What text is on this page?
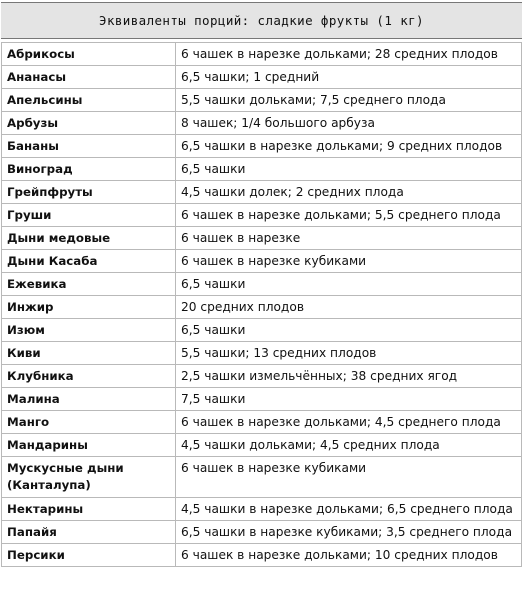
Эквиваленты порций: сладкие фрукты (1 кг)
Абрикосы	6 чашек в нарезке дольками; 28 средних плодов
Ананасы	6,5 чашки; 1 средний
Апельсины	5,5 чашки дольками; 7,5 среднего плода
Арбузы	8 чашек; 1/4 большого арбуза
Бананы	6,5 чашки в нарезке дольками; 9 средних плодов
Виноград	6,5 чашки
Грейпфруты	4,5 чашки долек; 2 средних плода
Груши	6 чашек в нарезке дольками; 5,5 среднего плода
Дыни медовые	6 чашек в нарезке
Дыни Касаба	6 чашек в нарезке кубиками
Ежевика	6,5 чашки
Инжир	20 средних плодов
Изюм	6,5 чашки
Киви	5,5 чашки; 13 средних плодов
Клубника	2,5 чашки измельчённых; 38 средних ягод
Малина	7,5 чашки
Манго	6 чашек в нарезке дольками; 4,5 среднего плода
Мандарины	4,5 чашки дольками; 4,5 средних плода

Мускусные дыни
(Канталупа)	6 чашек в нарезке кубиками
Нектарины	4,5 чашки в нарезке дольками; 6,5 среднего плода
Папайя	6,5 чашки в нарезке кубиками; 3,5 среднего плода
Персики	6 чашек в нарезке дольками; 10 средних плодов
